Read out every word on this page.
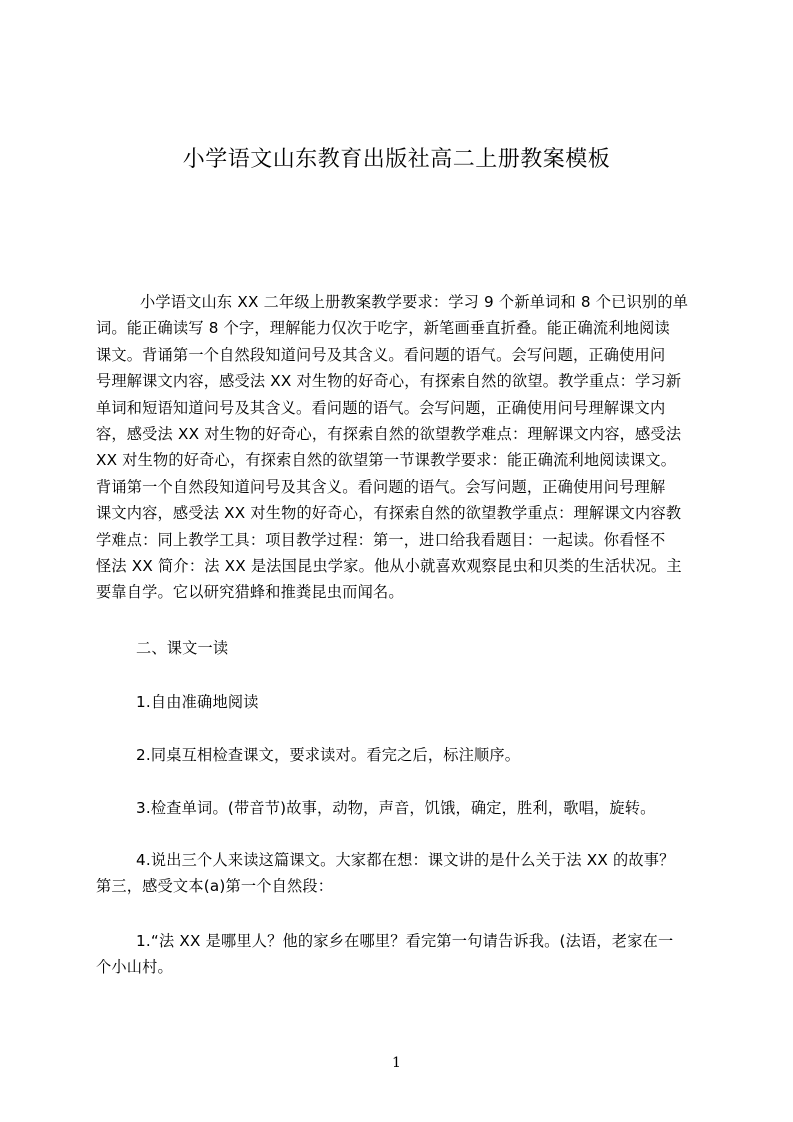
小学语文山东教育出版社高二上册教案模板
小学语文山东 XX 二年级上册教案教学要求：学习 9 个新单词和 8 个已识别的单
词。能正确读写 8 个字，理解能力仅次于吃字，新笔画垂直折叠。能正确流利地阅读
课文。背诵第一个自然段知道问号及其含义。看问题的语气。会写问题，正确使用问
号理解课文内容，感受法 XX 对生物的好奇心，有探索自然的欲望。教学重点：学习新
单词和短语知道问号及其含义。看问题的语气。会写问题，正确使用问号理解课文内
容，感受法 XX 对生物的好奇心，有探索自然的欲望教学难点：理解课文内容，感受法
XX 对生物的好奇心，有探索自然的欲望第一节课教学要求：能正确流利地阅读课文。
背诵第一个自然段知道问号及其含义。看问题的语气。会写问题，正确使用问号理解
课文内容，感受法 XX 对生物的好奇心，有探索自然的欲望教学重点：理解课文内容教
学难点：同上教学工具：项目教学过程：第一，进口给我看题目：一起读。你看怪不
怪法 XX 简介：法 XX 是法国昆虫学家。他从小就喜欢观察昆虫和贝类的生活状况。主
要靠自学。它以研究猎蜂和推粪昆虫而闻名。
二、课文一读
1.自由准确地阅读
2.同桌互相检查课文，要求读对。看完之后，标注顺序。
3.检查单词。(带音节)故事，动物，声音，饥饿，确定，胜利，歌唱，旋转。
4.说出三个人来读这篇课文。大家都在想：课文讲的是什么关于法 XX 的故事？
第三，感受文本(a)第一个自然段：
1.“法 XX 是哪里人？他的家乡在哪里？看完第一句请告诉我。(法语，老家在一
个小山村。
1
